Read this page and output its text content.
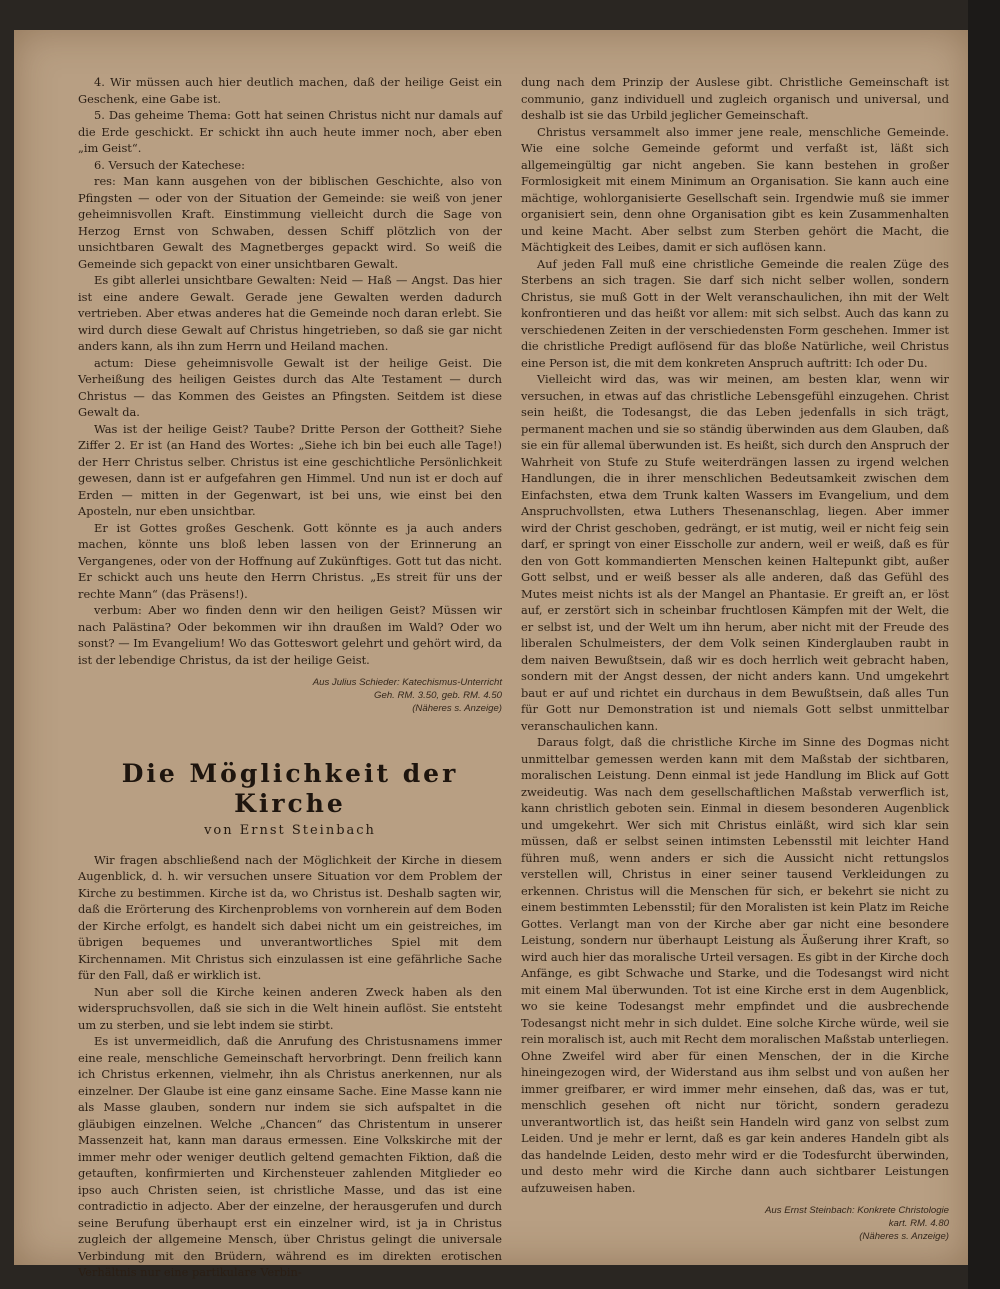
4. Wir müssen auch hier deutlich machen, daß der heilige Geist ein Geschenk, eine Gabe ist.

5. Das geheime Thema: Gott hat seinen Christus nicht nur damals auf die Erde geschickt. Er schickt ihn auch heute immer noch, aber eben „im Geist“.

6. Versuch der Katechese:

res: Man kann ausgehen von der biblischen Geschichte, also von Pfingsten — oder von der Situation der Gemeinde: sie weiß von jener geheimnisvollen Kraft. Einstimmung vielleicht durch die Sage von Herzog Ernst von Schwaben, dessen Schiff plötzlich von der unsichtbaren Gewalt des Magnetberges gepackt wird. So weiß die Gemeinde sich gepackt von einer unsichtbaren Gewalt.

Es gibt allerlei unsichtbare Gewalten: Neid — Haß — Angst. Das hier ist eine andere Gewalt. Gerade jene Gewalten werden dadurch vertrieben. Aber etwas anderes hat die Gemeinde noch daran erlebt. Sie wird durch diese Gewalt auf Christus hingetrieben, so daß sie gar nicht anders kann, als ihn zum Herrn und Heiland machen.

actum: Diese geheimnisvolle Gewalt ist der heilige Geist. Die Verheißung des heiligen Geistes durch das Alte Testament — durch Christus — das Kommen des Geistes an Pfingsten. Seitdem ist diese Gewalt da.

Was ist der heilige Geist? Taube? Dritte Person der Gottheit? Siehe Ziffer 2. Er ist (an Hand des Wortes: „Siehe ich bin bei euch alle Tage!) der Herr Christus selber. Christus ist eine geschichtliche Persönlichkeit gewesen, dann ist er aufgefahren gen Himmel. Und nun ist er doch auf Erden — mitten in der Gegenwart, ist bei uns, wie einst bei den Aposteln, nur eben unsichtbar.

Er ist Gottes großes Geschenk. Gott könnte es ja auch anders machen, könnte uns bloß leben lassen von der Erinnerung an Vergangenes, oder von der Hoffnung auf Zukünftiges. Gott tut das nicht. Er schickt auch uns heute den Herrn Christus. „Es streit für uns der rechte Mann“ (das Präsens!).

verbum: Aber wo finden denn wir den heiligen Geist? Müssen wir nach Palästina? Oder bekommen wir ihn draußen im Wald? Oder wo sonst? — Im Evangelium! Wo das Gotteswort gelehrt und gehört wird, da ist der lebendige Christus, da ist der heilige Geist.

Aus Julius Schieder: Katechismus-Unterricht
Geh. RM. 3.50, geb. RM. 4.50
(Näheres s. Anzeige)
Die Möglichkeit der Kirche
von Ernst Steinbach

Wir fragen abschließend nach der Möglichkeit der Kirche in diesem Augenblick, d. h. wir versuchen unsere Situation vor dem Problem der Kirche zu bestimmen. Kirche ist da, wo Christus ist. Deshalb sagten wir, daß die Erörterung des Kirchenproblems von vornherein auf dem Boden der Kirche erfolgt, es handelt sich dabei nicht um ein geistreiches, im übrigen bequemes und unverantwortliches Spiel mit dem Kirchennamen. Mit Christus sich einzulassen ist eine gefährliche Sache für den Fall, daß er wirklich ist.

Nun aber soll die Kirche keinen anderen Zweck haben als den widerspruchsvollen, daß sie sich in die Welt hinein auflöst. Sie entsteht um zu sterben, und sie lebt indem sie stirbt.

Es ist unvermeidlich, daß die Anrufung des Christusnamens immer eine reale, menschliche Gemeinschaft hervorbringt. Denn freilich kann ich Christus erkennen, vielmehr, ihn als Christus anerkennen, nur als einzelner. Der Glaube ist eine ganz einsame Sache. Eine Masse kann nie als Masse glauben, sondern nur indem sie sich aufspaltet in die gläubigen einzelnen. Welche „Chancen“ das Christentum in unserer Massenzeit hat, kann man daraus ermessen. Eine Volkskirche mit der immer mehr oder weniger deutlich geltend gemachten Fiktion, daß die getauften, konfirmierten und Kirchensteuer zahlenden Mitglieder eo ipso auch Christen seien, ist christliche Masse, und das ist eine contradictio in adjecto. Aber der einzelne, der herausgerufen und durch seine Berufung überhaupt erst ein einzelner wird, ist ja in Christus zugleich der allgemeine Mensch, über Christus gelingt die universale Verbindung mit den Brüdern, während es im direkten erotischen Verhältnis nur eine partikulare Verbin-

dung nach dem Prinzip der Auslese gibt. Christliche Gemeinschaft ist communio, ganz individuell und zugleich organisch und universal, und deshalb ist sie das Urbild jeglicher Gemeinschaft.

Christus versammelt also immer jene reale, menschliche Gemeinde. Wie eine solche Gemeinde geformt und verfaßt ist, läßt sich allgemeingültig gar nicht angeben. Sie kann bestehen in großer Formlosigkeit mit einem Minimum an Organisation. Sie kann auch eine mächtige, wohlorganisierte Gesellschaft sein. Irgendwie muß sie immer organisiert sein, denn ohne Organisation gibt es kein Zusammenhalten und keine Macht. Aber selbst zum Sterben gehört die Macht, die Mächtigkeit des Leibes, damit er sich auflösen kann.

Auf jeden Fall muß eine christliche Gemeinde die realen Züge des Sterbens an sich tragen. Sie darf sich nicht selber wollen, sondern Christus, sie muß Gott in der Welt veranschaulichen, ihn mit der Welt konfrontieren und das heißt vor allem: mit sich selbst. Auch das kann zu verschiedenen Zeiten in der verschiedensten Form geschehen. Immer ist die christliche Predigt auflösend für das bloße Natürliche, weil Christus eine Person ist, die mit dem konkreten Anspruch auftritt: Ich oder Du.

Vielleicht wird das, was wir meinen, am besten klar, wenn wir versuchen, in etwas auf das christliche Lebensgefühl einzugehen. Christ sein heißt, die Todesangst, die das Leben jedenfalls in sich trägt, permanent machen und sie so ständig überwinden aus dem Glauben, daß sie ein für allemal überwunden ist. Es heißt, sich durch den Anspruch der Wahrheit von Stufe zu Stufe weiterdrängen lassen zu irgend welchen Handlungen, die in ihrer menschlichen Bedeutsamkeit zwischen dem Einfachsten, etwa dem Trunk kalten Wassers im Evangelium, und dem Anspruchvollsten, etwa Luthers Thesenanschlag, liegen. Aber immer wird der Christ geschoben, gedrängt, er ist mutig, weil er nicht feig sein darf, er springt von einer Eisscholle zur andern, weil er weiß, daß es für den von Gott kommandierten Menschen keinen Haltepunkt gibt, außer Gott selbst, und er weiß besser als alle anderen, daß das Gefühl des Mutes meist nichts ist als der Mangel an Phantasie. Er greift an, er löst auf, er zerstört sich in scheinbar fruchtlosen Kämpfen mit der Welt, die er selbst ist, und der Welt um ihn herum, aber nicht mit der Freude des liberalen Schulmeisters, der dem Volk seinen Kinderglauben raubt in dem naiven Bewußtsein, daß wir es doch herrlich weit gebracht haben, sondern mit der Angst dessen, der nicht anders kann. Und umgekehrt baut er auf und richtet ein durchaus in dem Bewußtsein, daß alles Tun für Gott nur Demonstration ist und niemals Gott selbst unmittelbar veranschaulichen kann.

Daraus folgt, daß die christliche Kirche im Sinne des Dogmas nicht unmittelbar gemessen werden kann mit dem Maßstab der sichtbaren, moralischen Leistung. Denn einmal ist jede Handlung im Blick auf Gott zweideutig. Was nach dem gesellschaftlichen Maßstab verwerflich ist, kann christlich geboten sein. Einmal in diesem besonderen Augenblick und umgekehrt. Wer sich mit Christus einläßt, wird sich klar sein müssen, daß er selbst seinen intimsten Lebensstil mit leichter Hand führen muß, wenn anders er sich die Aussicht nicht rettungslos verstellen will, Christus in einer seiner tausend Verkleidungen zu erkennen. Christus will die Menschen für sich, er bekehrt sie nicht zu einem bestimmten Lebensstil; für den Moralisten ist kein Platz im Reiche Gottes. Verlangt man von der Kirche aber gar nicht eine besondere Leistung, sondern nur überhaupt Leistung als Äußerung ihrer Kraft, so wird auch hier das moralische Urteil versagen. Es gibt in der Kirche doch Anfänge, es gibt Schwache und Starke, und die Todesangst wird nicht mit einem Mal überwunden. Tot ist eine Kirche erst in dem Augenblick, wo sie keine Todesangst mehr empfindet und die ausbrechende Todesangst nicht mehr in sich duldet. Eine solche Kirche würde, weil sie rein moralisch ist, auch mit Recht dem moralischen Maßstab unterliegen. Ohne Zweifel wird aber für einen Menschen, der in die Kirche hineingezogen wird, der Widerstand aus ihm selbst und von außen her immer greifbarer, er wird immer mehr einsehen, daß das, was er tut, menschlich gesehen oft nicht nur töricht, sondern geradezu unverantwortlich ist, das heißt sein Handeln wird ganz von selbst zum Leiden. Und je mehr er lernt, daß es gar kein anderes Handeln gibt als das handelnde Leiden, desto mehr wird er die Todesfurcht überwinden, und desto mehr wird die Kirche dann auch sichtbarer Leistungen aufzuweisen haben.

Aus Ernst Steinbach: Konkrete Christologie
kart. RM. 4.80
(Näheres s. Anzeige)
